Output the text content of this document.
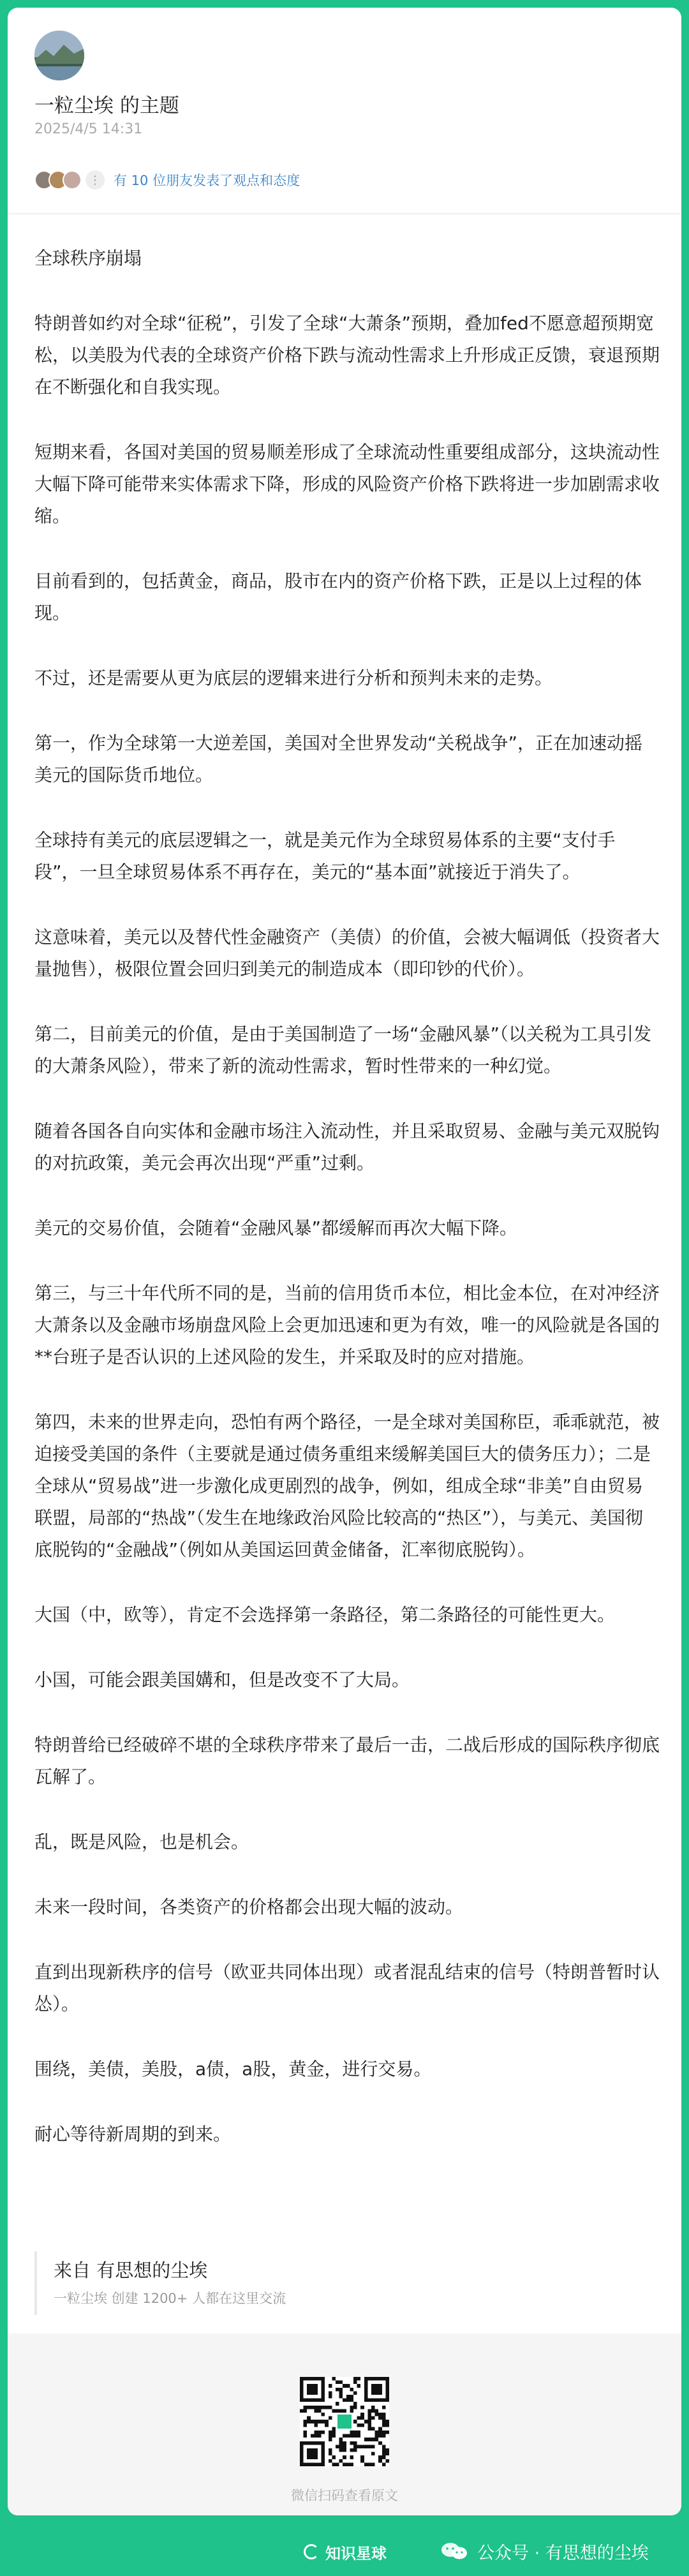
一粒尘埃 的主题
2025/4/5 14:31
⋮ 有 10 位朋友发表了观点和态度

全球秩序崩塌

特朗普如约对全球“征税”，引发了全球“大萧条”预期，叠加fed不愿意超预期宽松，以美股为代表的全球资产价格下跌与流动性需求上升形成正反馈，衰退预期在不断强化和自我实现。

短期来看，各国对美国的贸易顺差形成了全球流动性重要组成部分，这块流动性大幅下降可能带来实体需求下降，形成的风险资产价格下跌将进一步加剧需求收缩。

目前看到的，包括黄金，商品，股市在内的资产价格下跌，正是以上过程的体现。

不过，还是需要从更为底层的逻辑来进行分析和预判未来的走势。

第一，作为全球第一大逆差国，美国对全世界发动“关税战争”，正在加速动摇美元的国际货币地位。

全球持有美元的底层逻辑之一，就是美元作为全球贸易体系的主要“支付手段”，一旦全球贸易体系不再存在，美元的“基本面”就接近于消失了。

这意味着，美元以及替代性金融资产（美债）的价值，会被大幅调低（投资者大量抛售），极限位置会回归到美元的制造成本（即印钞的代价）。

第二，目前美元的价值，是由于美国制造了一场“金融风暴”（以关税为工具引发的大萧条风险），带来了新的流动性需求，暂时性带来的一种幻觉。

随着各国各自向实体和金融市场注入流动性，并且采取贸易、金融与美元双脱钩的对抗政策，美元会再次出现“严重”过剩。

美元的交易价值，会随着“金融风暴”都缓解而再次大幅下降。

第三，与三十年代所不同的是，当前的信用货币本位，相比金本位，在对冲经济大萧条以及金融市场崩盘风险上会更加迅速和更为有效，唯一的风险就是各国的**台班子是否认识的上述风险的发生，并采取及时的应对措施。

第四，未来的世界走向，恐怕有两个路径，一是全球对美国称臣，乖乖就范，被迫接受美国的条件（主要就是通过债务重组来缓解美国巨大的债务压力）；二是全球从“贸易战”进一步激化成更剧烈的战争，例如，组成全球“非美”自由贸易联盟，局部的“热战”（发生在地缘政治风险比较高的“热区”），与美元、美国彻底脱钩的“金融战”（例如从美国运回黄金储备，汇率彻底脱钩）。

大国（中，欧等），肯定不会选择第一条路径，第二条路径的可能性更大。

小国，可能会跟美国媾和，但是改变不了大局。

特朗普给已经破碎不堪的全球秩序带来了最后一击，二战后形成的国际秩序彻底瓦解了。

乱，既是风险，也是机会。

未来一段时间，各类资产的价格都会出现大幅的波动。

直到出现新秩序的信号（欧亚共同体出现）或者混乱结束的信号（特朗普暂时认怂）。

围绕，美债，美股，a债，a股，黄金，进行交易。

耐心等待新周期的到来。

来自 有思想的尘埃
一粒尘埃 创建 1200+ 人都在这里交流
微信扫码查看原文
知识星球	公众号 · 有思想的尘埃
